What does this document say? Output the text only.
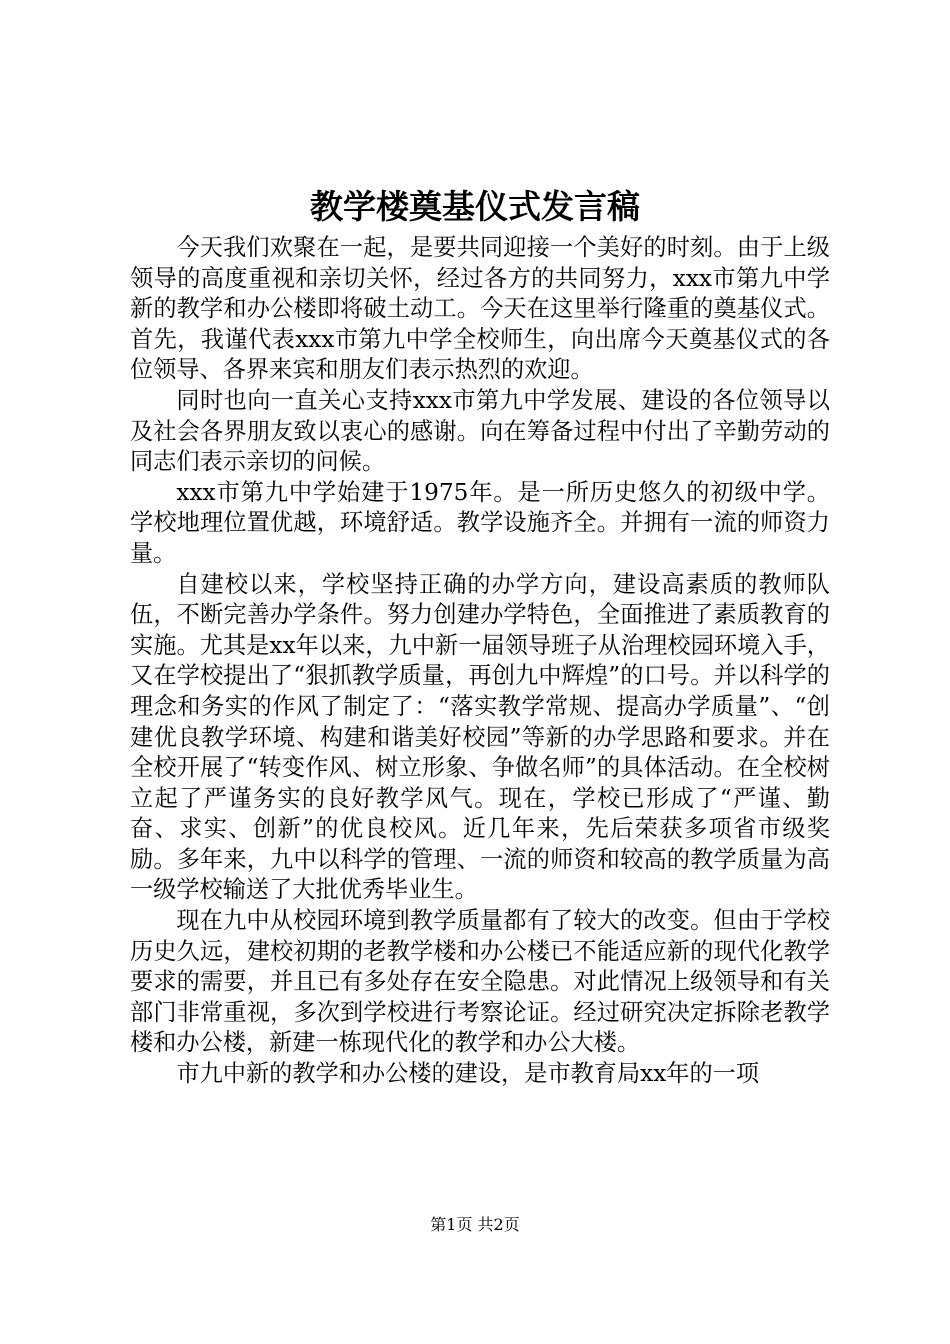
教学楼奠基仪式发言稿

今天我们欢聚在一起，是要共同迎接一个美好的时刻。由于上级领导的高度重视和亲切关怀，经过各方的共同努力，xxx市第九中学新的教学和办公楼即将破土动工。今天在这里举行隆重的奠基仪式。首先，我谨代表xxx市第九中学全校师生，向出席今天奠基仪式的各位领导、各界来宾和朋友们表示热烈的欢迎。

同时也向一直关心支持xxx市第九中学发展、建设的各位领导以及社会各界朋友致以衷心的感谢。向在筹备过程中付出了辛勤劳动的同志们表示亲切的问候。

xxx市第九中学始建于1975年。是一所历史悠久的初级中学。学校地理位置优越，环境舒适。教学设施齐全。并拥有一流的师资力量。

自建校以来，学校坚持正确的办学方向，建设高素质的教师队伍，不断完善办学条件。努力创建办学特色，全面推进了素质教育的实施。尤其是xx年以来，九中新一届领导班子从治理校园环境入手，又在学校提出了“狠抓教学质量，再创九中辉煌”的口号。并以科学的理念和务实的作风了制定了：“落实教学常规、提高办学质量”、“创建优良教学环境、构建和谐美好校园”等新的办学思路和要求。并在全校开展了“转变作风、树立形象、争做名师”的具体活动。在全校树立起了严谨务实的良好教学风气。现在，学校已形成了“严谨、勤奋、求实、创新”的优良校风。近几年来，先后荣获多项省市级奖励。多年来，九中以科学的管理、一流的师资和较高的教学质量为高一级学校输送了大批优秀毕业生。

现在九中从校园环境到教学质量都有了较大的改变。但由于学校历史久远，建校初期的老教学楼和办公楼已不能适应新的现代化教学要求的需要，并且已有多处存在安全隐患。对此情况上级领导和有关部门非常重视，多次到学校进行考察论证。经过研究决定拆除老教学楼和办公楼，新建一栋现代化的教学和办公大楼。

市九中新的教学和办公楼的建设，是市教育局xx年的一项

第1页 共2页
